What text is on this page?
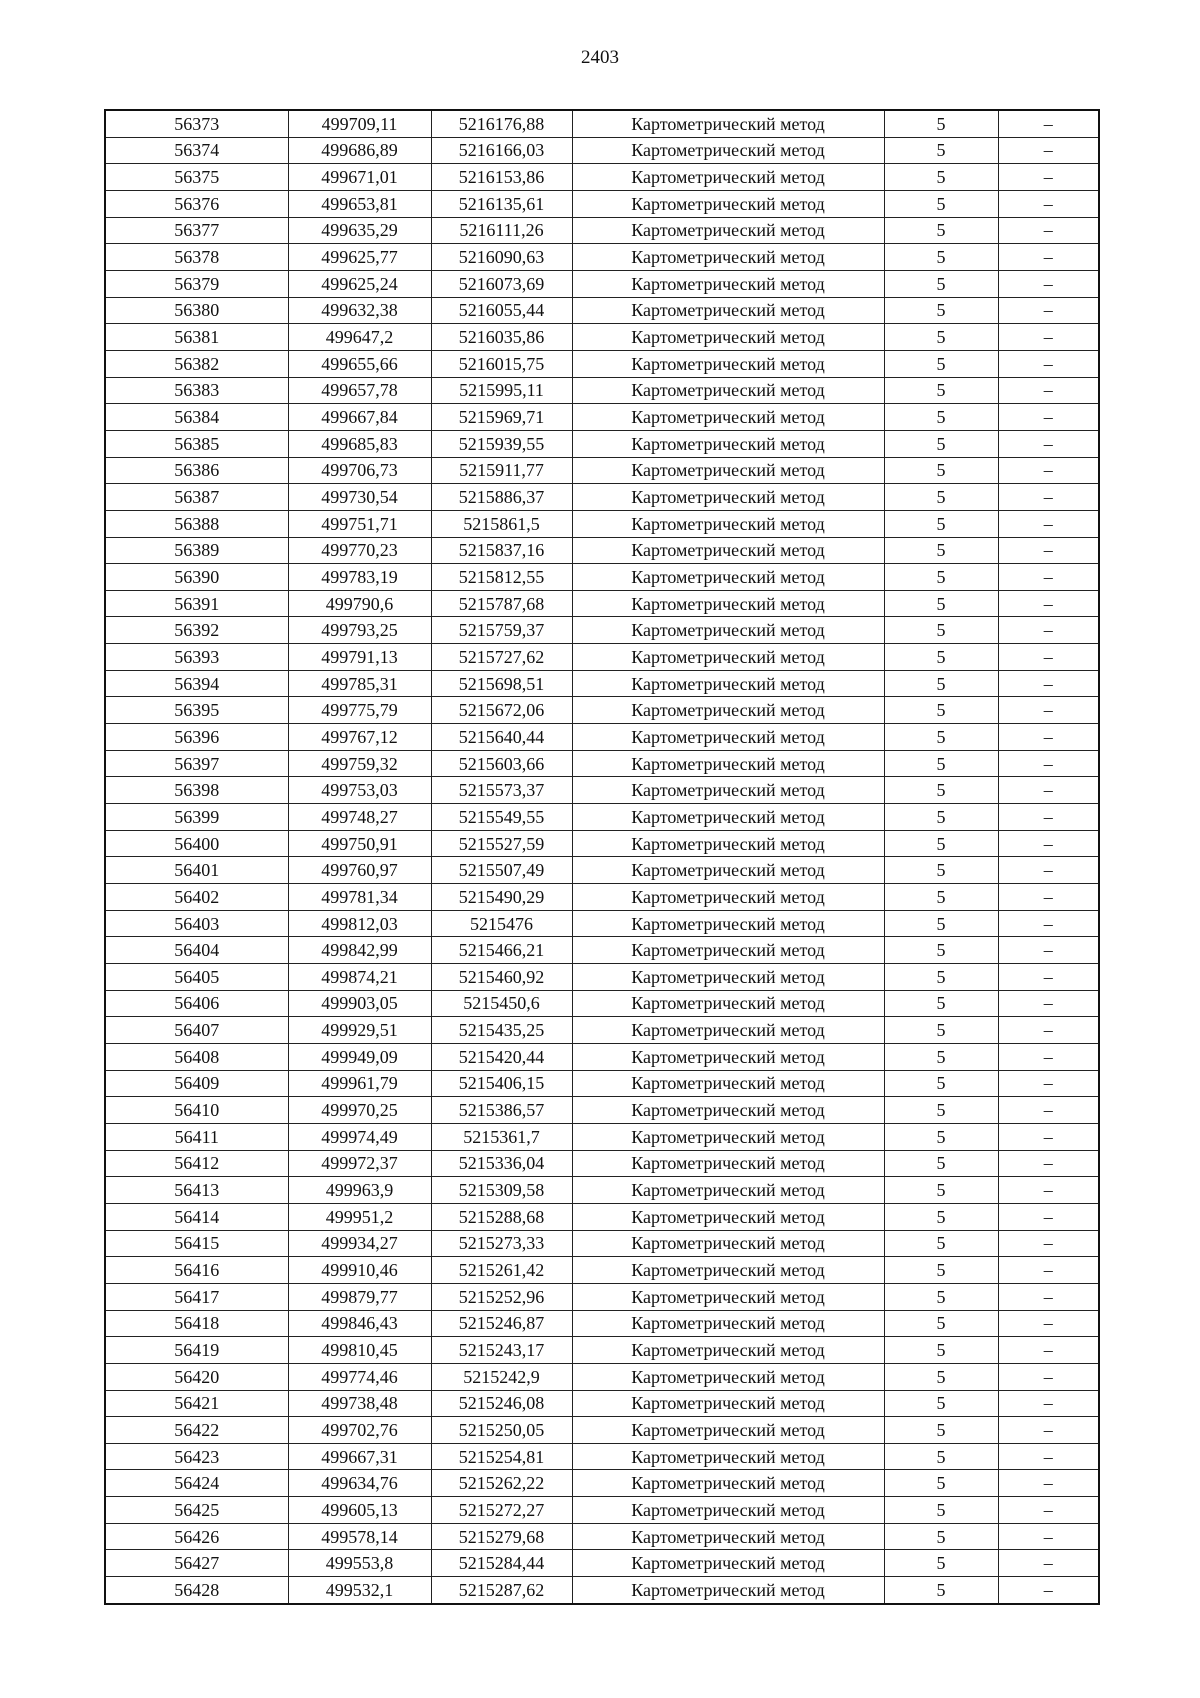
2403
56373	499709,11	5216176,88	Картометрический метод	5	–
56374	499686,89	5216166,03	Картометрический метод	5	–
56375	499671,01	5216153,86	Картометрический метод	5	–
56376	499653,81	5216135,61	Картометрический метод	5	–
56377	499635,29	5216111,26	Картометрический метод	5	–
56378	499625,77	5216090,63	Картометрический метод	5	–
56379	499625,24	5216073,69	Картометрический метод	5	–
56380	499632,38	5216055,44	Картометрический метод	5	–
56381	499647,2	5216035,86	Картометрический метод	5	–
56382	499655,66	5216015,75	Картометрический метод	5	–
56383	499657,78	5215995,11	Картометрический метод	5	–
56384	499667,84	5215969,71	Картометрический метод	5	–
56385	499685,83	5215939,55	Картометрический метод	5	–
56386	499706,73	5215911,77	Картометрический метод	5	–
56387	499730,54	5215886,37	Картометрический метод	5	–
56388	499751,71	5215861,5	Картометрический метод	5	–
56389	499770,23	5215837,16	Картометрический метод	5	–
56390	499783,19	5215812,55	Картометрический метод	5	–
56391	499790,6	5215787,68	Картометрический метод	5	–
56392	499793,25	5215759,37	Картометрический метод	5	–
56393	499791,13	5215727,62	Картометрический метод	5	–
56394	499785,31	5215698,51	Картометрический метод	5	–
56395	499775,79	5215672,06	Картометрический метод	5	–
56396	499767,12	5215640,44	Картометрический метод	5	–
56397	499759,32	5215603,66	Картометрический метод	5	–
56398	499753,03	5215573,37	Картометрический метод	5	–
56399	499748,27	5215549,55	Картометрический метод	5	–
56400	499750,91	5215527,59	Картометрический метод	5	–
56401	499760,97	5215507,49	Картометрический метод	5	–
56402	499781,34	5215490,29	Картометрический метод	5	–
56403	499812,03	5215476	Картометрический метод	5	–
56404	499842,99	5215466,21	Картометрический метод	5	–
56405	499874,21	5215460,92	Картометрический метод	5	–
56406	499903,05	5215450,6	Картометрический метод	5	–
56407	499929,51	5215435,25	Картометрический метод	5	–
56408	499949,09	5215420,44	Картометрический метод	5	–
56409	499961,79	5215406,15	Картометрический метод	5	–
56410	499970,25	5215386,57	Картометрический метод	5	–
56411	499974,49	5215361,7	Картометрический метод	5	–
56412	499972,37	5215336,04	Картометрический метод	5	–
56413	499963,9	5215309,58	Картометрический метод	5	–
56414	499951,2	5215288,68	Картометрический метод	5	–
56415	499934,27	5215273,33	Картометрический метод	5	–
56416	499910,46	5215261,42	Картометрический метод	5	–
56417	499879,77	5215252,96	Картометрический метод	5	–
56418	499846,43	5215246,87	Картометрический метод	5	–
56419	499810,45	5215243,17	Картометрический метод	5	–
56420	499774,46	5215242,9	Картометрический метод	5	–
56421	499738,48	5215246,08	Картометрический метод	5	–
56422	499702,76	5215250,05	Картометрический метод	5	–
56423	499667,31	5215254,81	Картометрический метод	5	–
56424	499634,76	5215262,22	Картометрический метод	5	–
56425	499605,13	5215272,27	Картометрический метод	5	–
56426	499578,14	5215279,68	Картометрический метод	5	–
56427	499553,8	5215284,44	Картометрический метод	5	–
56428	499532,1	5215287,62	Картометрический метод	5	–
